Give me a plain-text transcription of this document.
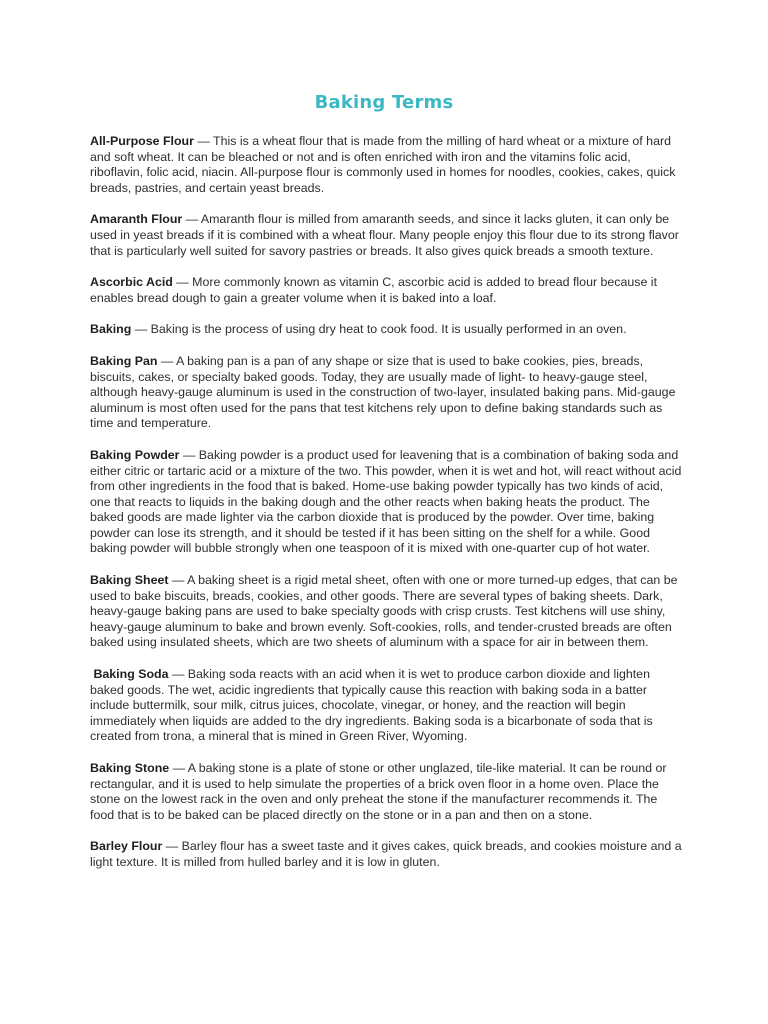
Baking Terms

All-Purpose Flour — This is a wheat flour that is made from the milling of hard wheat or a mixture of hard and soft wheat. It can be bleached or not and is often enriched with iron and the vitamins folic acid, riboflavin, folic acid, niacin. All-purpose flour is commonly used in homes for noodles, cookies, cakes, quick breads, pastries, and certain yeast breads.

Amaranth Flour — Amaranth flour is milled from amaranth seeds, and since it lacks gluten, it can only be used in yeast breads if it is combined with a wheat flour. Many people enjoy this flour due to its strong flavor that is particularly well suited for savory pastries or breads. It also gives quick breads a smooth texture.

Ascorbic Acid — More commonly known as vitamin C, ascorbic acid is added to bread flour because it enables bread dough to gain a greater volume when it is baked into a loaf.

Baking — Baking is the process of using dry heat to cook food. It is usually performed in an oven.

Baking Pan — A baking pan is a pan of any shape or size that is used to bake cookies, pies, breads, biscuits, cakes, or specialty baked goods. Today, they are usually made of light- to heavy-gauge steel, although heavy-gauge aluminum is used in the construction of two-layer, insulated baking pans. Mid-gauge aluminum is most often used for the pans that test kitchens rely upon to define baking standards such as time and temperature.

Baking Powder — Baking powder is a product used for leavening that is a combination of baking soda and either citric or tartaric acid or a mixture of the two. This powder, when it is wet and hot, will react without acid from other ingredients in the food that is baked. Home-use baking powder typically has two kinds of acid, one that reacts to liquids in the baking dough and the other reacts when baking heats the product. The baked goods are made lighter via the carbon dioxide that is produced by the powder. Over time, baking powder can lose its strength, and it should be tested if it has been sitting on the shelf for a while. Good baking powder will bubble strongly when one teaspoon of it is mixed with one-quarter cup of hot water.

Baking Sheet — A baking sheet is a rigid metal sheet, often with one or more turned-up edges, that can be used to bake biscuits, breads, cookies, and other goods. There are several types of baking sheets. Dark, heavy-gauge baking pans are used to bake specialty goods with crisp crusts. Test kitchens will use shiny, heavy-gauge aluminum to bake and brown evenly. Soft-cookies, rolls, and tender-crusted breads are often baked using insulated sheets, which are two sheets of aluminum with a space for air in between them.

Baking Soda — Baking soda reacts with an acid when it is wet to produce carbon dioxide and lighten baked goods. The wet, acidic ingredients that typically cause this reaction with baking soda in a batter include buttermilk, sour milk, citrus juices, chocolate, vinegar, or honey, and the reaction will begin immediately when liquids are added to the dry ingredients. Baking soda is a bicarbonate of soda that is created from trona, a mineral that is mined in Green River, Wyoming.

Baking Stone — A baking stone is a plate of stone or other unglazed, tile-like material. It can be round or rectangular, and it is used to help simulate the properties of a brick oven floor in a home oven. Place the stone on the lowest rack in the oven and only preheat the stone if the manufacturer recommends it. The food that is to be baked can be placed directly on the stone or in a pan and then on a stone.

Barley Flour — Barley flour has a sweet taste and it gives cakes, quick breads, and cookies moisture and a light texture. It is milled from hulled barley and it is low in gluten.
